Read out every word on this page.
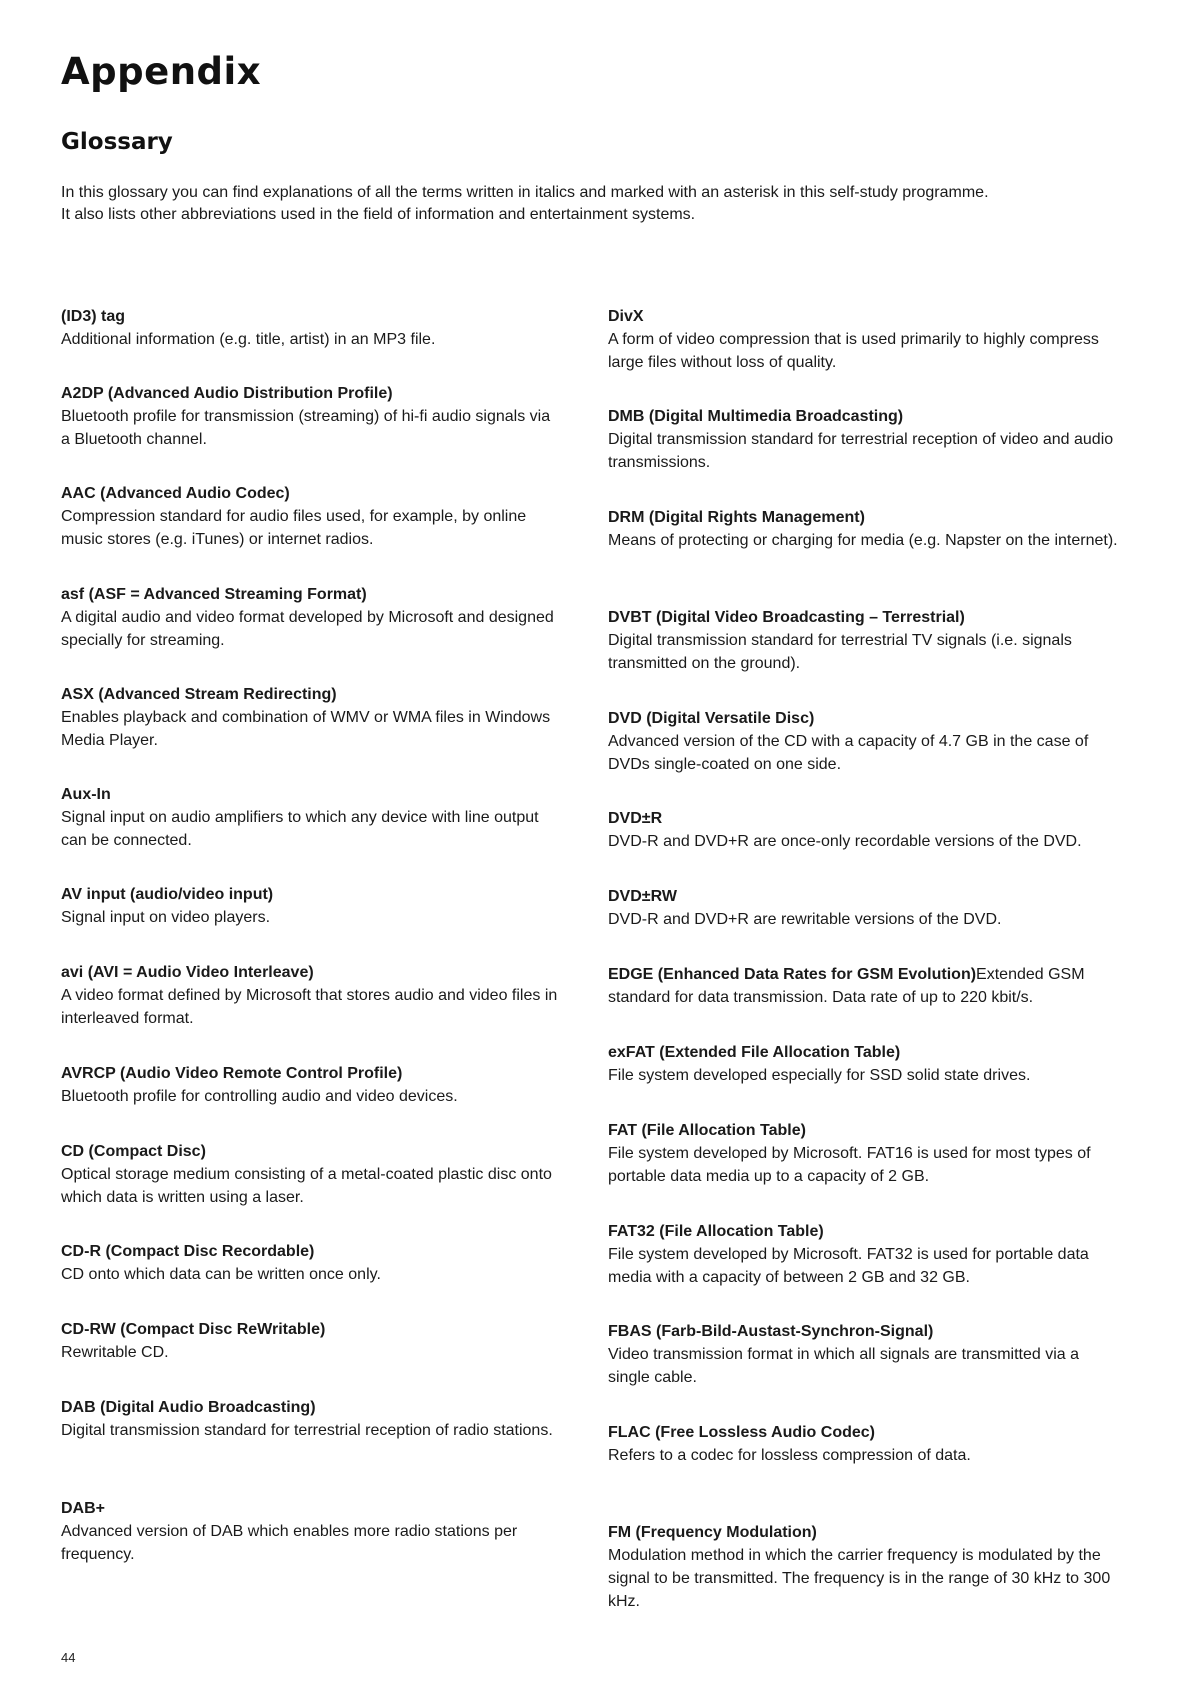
Appendix
Glossary

In this glossary you can find explanations of all the terms written in italics and marked with an asterisk in this self-study programme.

It also lists other abbreviations used in the field of information and entertainment systems.

(ID3) tag

Additional information (e.g. title, artist) in an MP3 file.

A2DP (Advanced Audio Distribution Profile)

Bluetooth profile for transmission (streaming) of hi-fi audio signals via a Bluetooth channel.

AAC (Advanced Audio Codec)

Compression standard for audio files used, for example, by online music stores (e.g. iTunes) or internet radios.

asf (ASF = Advanced Streaming Format)

A digital audio and video format developed by Microsoft and designed specially for streaming.

ASX (Advanced Stream Redirecting)

Enables playback and combination of WMV or WMA files in Windows Media Player.

Aux-In

Signal input on audio amplifiers to which any device with line output can be connected.

AV input (audio/video input)

Signal input on video players.

avi (AVI = Audio Video Interleave)

A video format defined by Microsoft that stores audio and video files in interleaved format.

AVRCP (Audio Video Remote Control Profile)

Bluetooth profile for controlling audio and video devices.

CD (Compact Disc)

Optical storage medium consisting of a metal-coated plastic disc onto which data is written using a laser.

CD-R (Compact Disc Recordable)

CD onto which data can be written once only.

CD-RW (Compact Disc ReWritable)

Rewritable CD.

DAB (Digital Audio Broadcasting)

Digital transmission standard for terrestrial reception of radio stations.

DAB+

Advanced version of DAB which enables more radio stations per frequency.

DivX

A form of video compression that is used primarily to highly compress large files without loss of quality.

DMB (Digital Multimedia Broadcasting)

Digital transmission standard for terrestrial reception of video and audio transmissions.

DRM (Digital Rights Management)

Means of protecting or charging for media (e.g. Napster on the internet).

DVBT (Digital Video Broadcasting – Terrestrial)

Digital transmission standard for terrestrial TV signals (i.e. signals transmitted on the ground).

DVD (Digital Versatile Disc)

Advanced version of the CD with a capacity of 4.7 GB in the case of DVDs single-coated on one side.

DVD±R

DVD-R and DVD+R are once-only recordable versions of the DVD.

DVD±RW

DVD-R and DVD+R are rewritable versions of the DVD.

EDGE (Enhanced Data Rates for GSM Evolution)Extended GSM standard for data transmission. Data rate of up to 220 kbit/s.

exFAT (Extended File Allocation Table)

File system developed especially for SSD solid state drives.

FAT (File Allocation Table)

File system developed by Microsoft. FAT16 is used for most types of portable data media up to a capacity of 2 GB.

FAT32 (File Allocation Table)

File system developed by Microsoft. FAT32 is used for portable data media with a capacity of between 2 GB and 32 GB.

FBAS (Farb-Bild-Austast-Synchron-Signal)

Video transmission format in which all signals are transmitted via a single cable.

FLAC (Free Lossless Audio Codec)

Refers to a codec for lossless compression of data.

FM (Frequency Modulation)

Modulation method in which the carrier frequency is modulated by the signal to be transmitted. The frequency is in the range of 30 kHz to 300 kHz.

44
